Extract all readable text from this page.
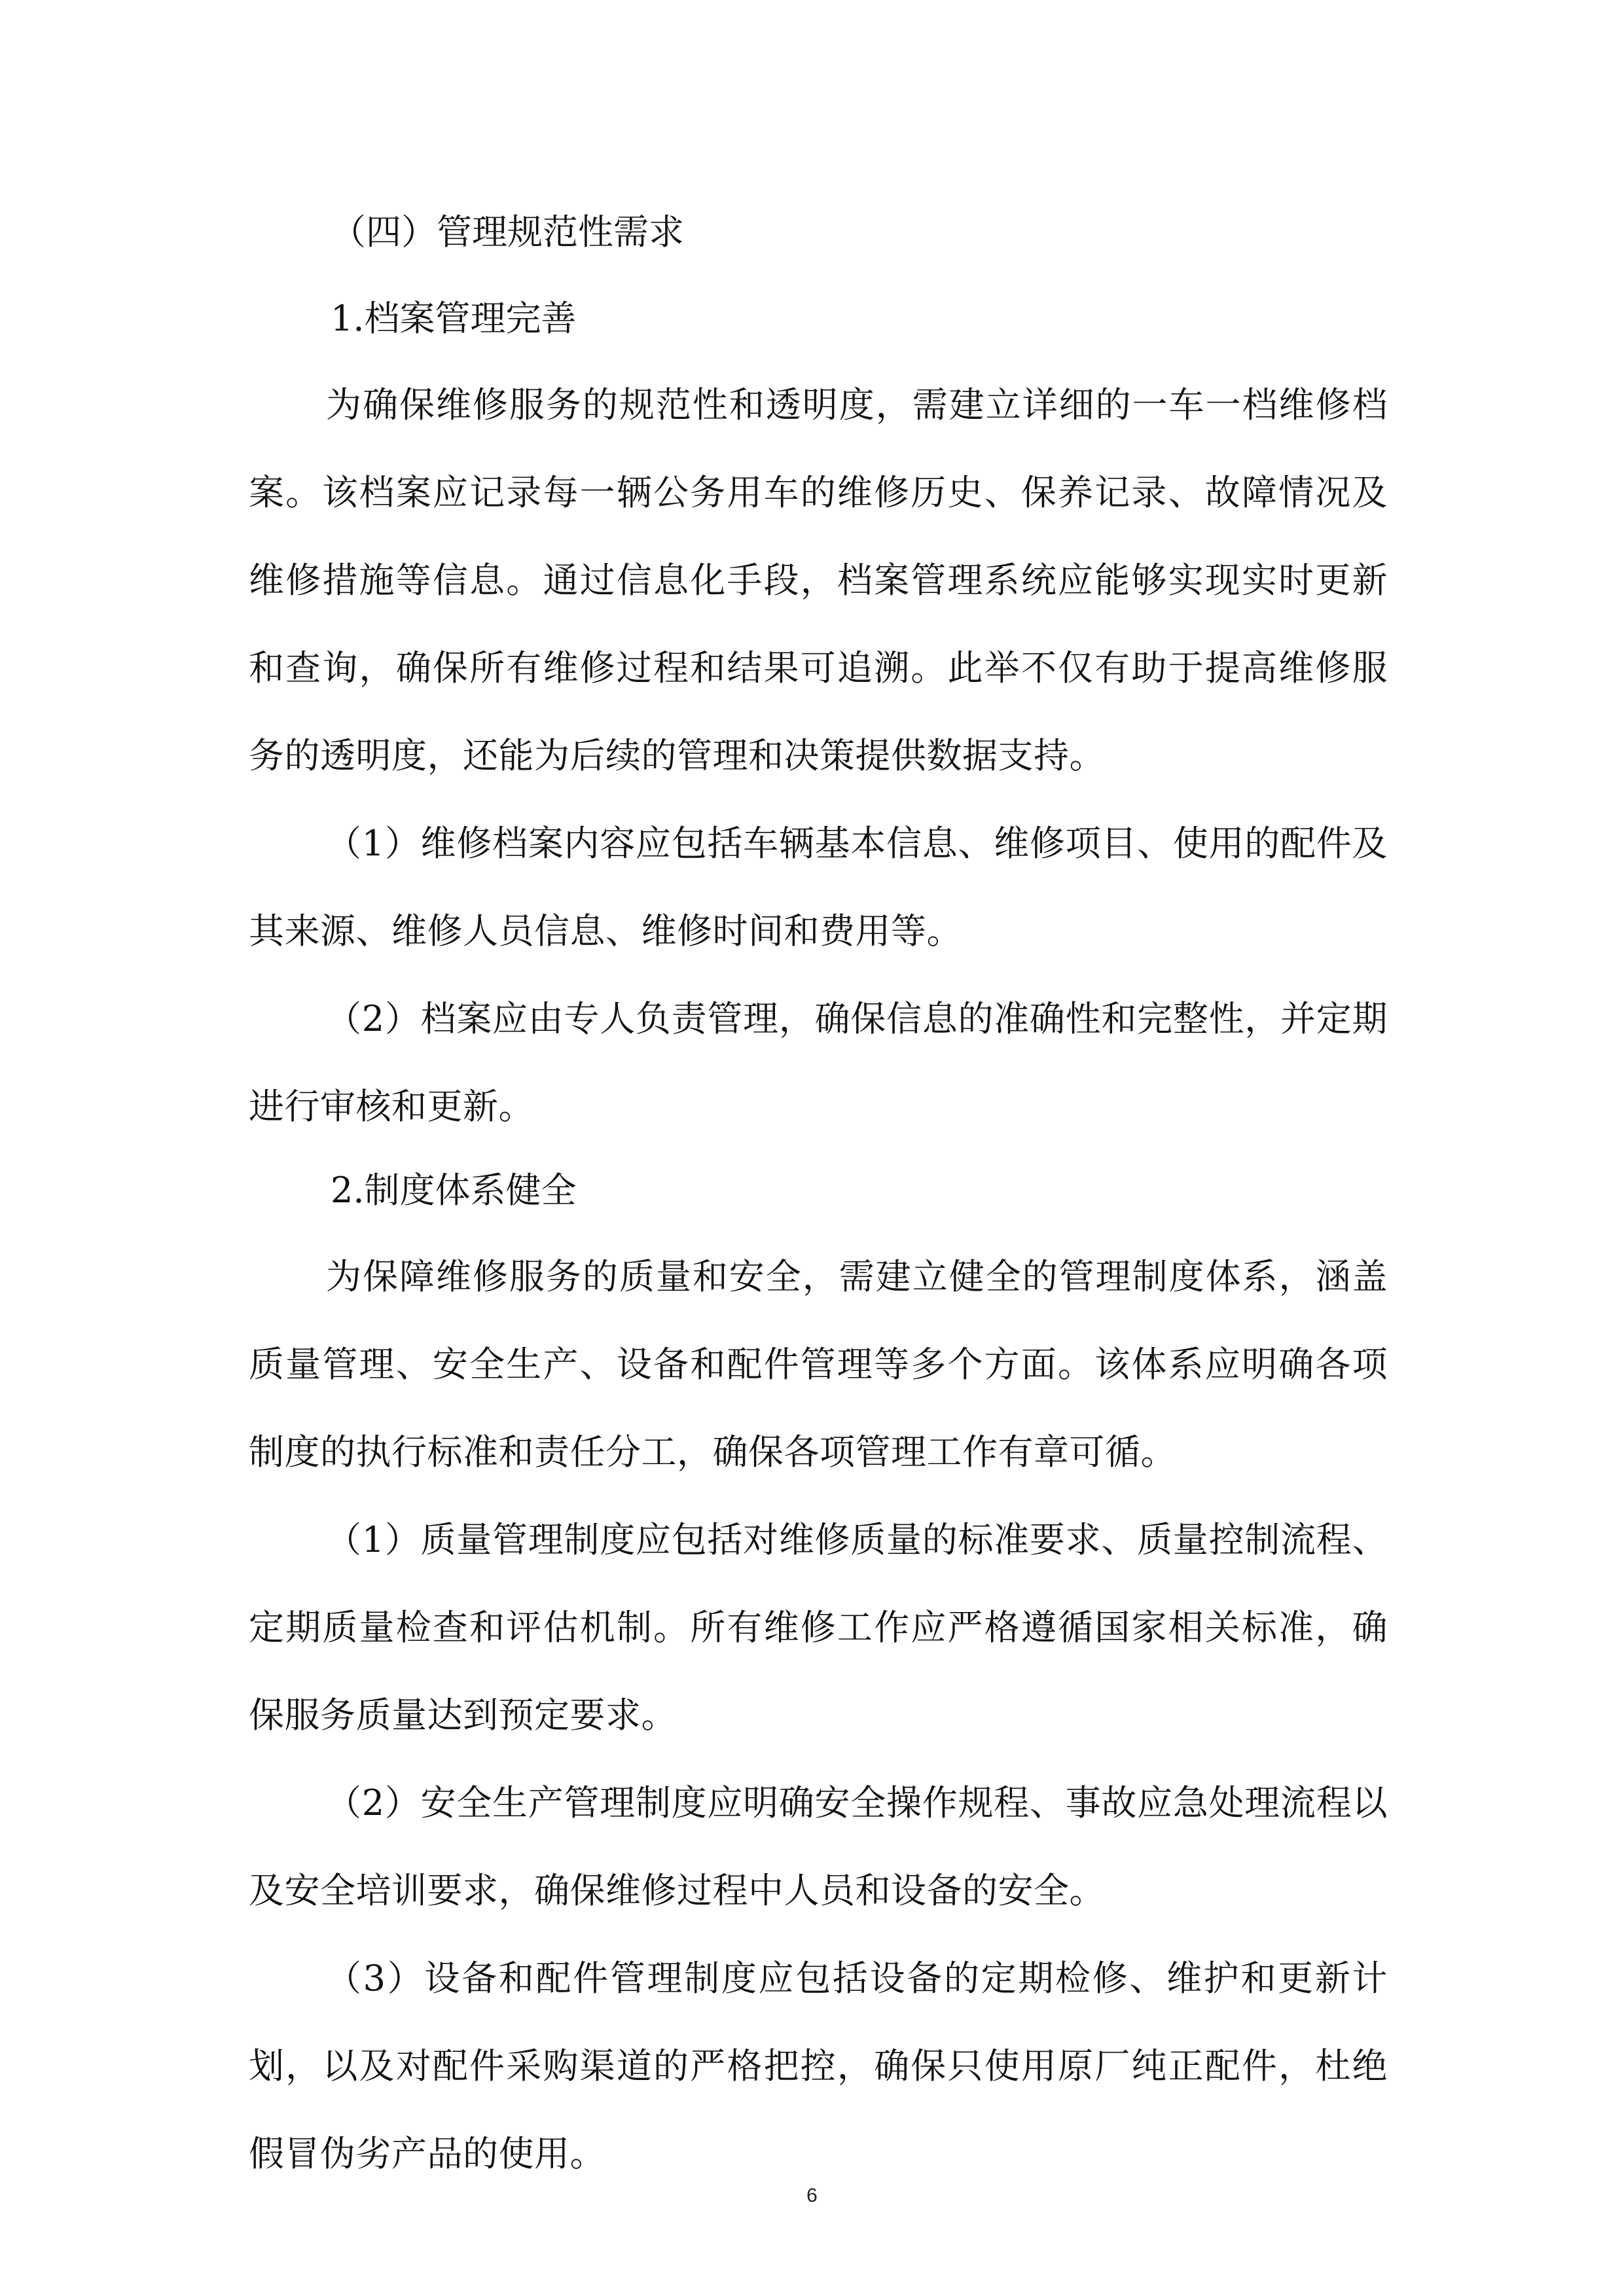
（四）管理规范性需求
1.档案管理完善

为确保维修服务的规范性和透明度，需建立详细的一车一档维修档案。该档案应记录每一辆公务用车的维修历史、保养记录、故障情况及维修措施等信息。通过信息化手段，档案管理系统应能够实现实时更新和查询，确保所有维修过程和结果可追溯。此举不仅有助于提高维修服务的透明度，还能为后续的管理和决策提供数据支持。

（1）维修档案内容应包括车辆基本信息、维修项目、使用的配件及其来源、维修人员信息、维修时间和费用等。

（2）档案应由专人负责管理，确保信息的准确性和完整性，并定期进行审核和更新。

2.制度体系健全

为保障维修服务的质量和安全，需建立健全的管理制度体系，涵盖质量管理、安全生产、设备和配件管理等多个方面。该体系应明确各项制度的执行标准和责任分工，确保各项管理工作有章可循。

（1）质量管理制度应包括对维修质量的标准要求、质量控制流程、定期质量检查和评估机制。所有维修工作应严格遵循国家相关标准，确保服务质量达到预定要求。

（2）安全生产管理制度应明确安全操作规程、事故应急处理流程以及安全培训要求，确保维修过程中人员和设备的安全。

（3）设备和配件管理制度应包括设备的定期检修、维护和更新计划，以及对配件采购渠道的严格把控，确保只使用原厂纯正配件，杜绝假冒伪劣产品的使用。

6
